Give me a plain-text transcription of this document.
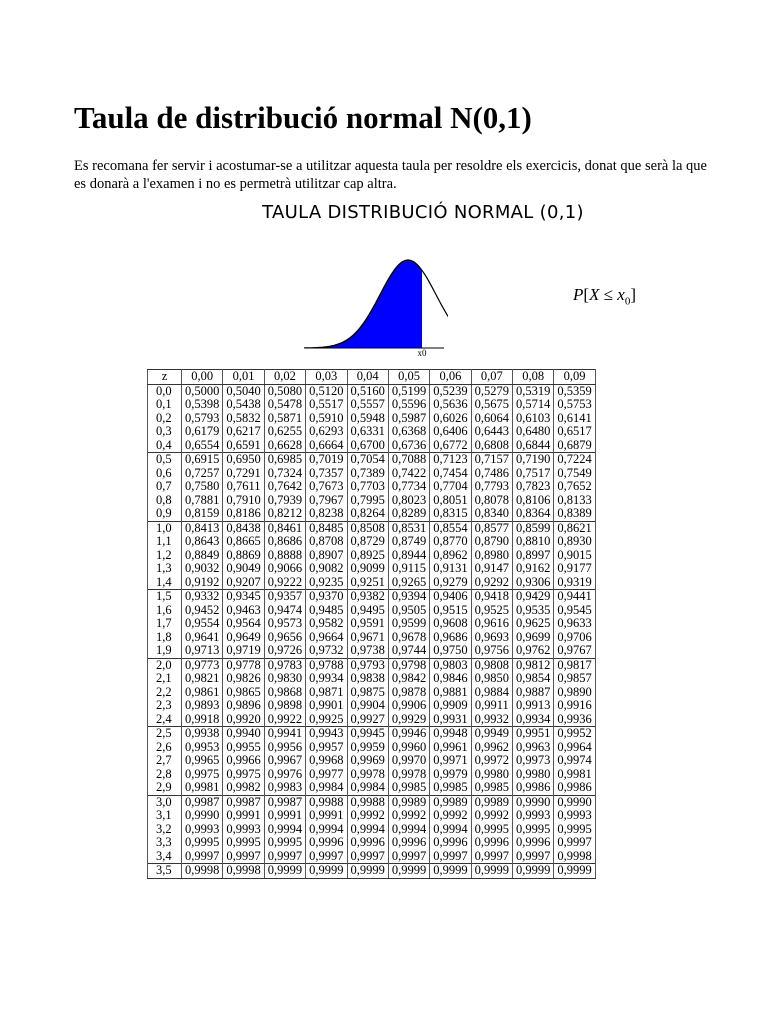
Taula de distribució normal N(0,1)

Es recomana fer servir i acostumar-se a utilitzar aquesta taula per resoldre els exercicis, donat que serà la que es donarà a l'examen i no es permetrà utilitzar cap altra.

TAULA DISTRIBUCIÓ NORMAL (0,1)
x0
$P[X \le x_0]$
z	0,00	0,01	0,02	0,03	0,04	0,05	0,06	0,07	0,08	0,09
0,0	0,5000	0,5040	0,5080	0,5120	0,5160	0,5199	0,5239	0,5279	0,5319	0,5359
0,1	0,5398	0,5438	0,5478	0,5517	0,5557	0,5596	0,5636	0,5675	0,5714	0,5753
0,2	0,5793	0,5832	0,5871	0,5910	0,5948	0,5987	0,6026	0,6064	0,6103	0,6141
0,3	0,6179	0,6217	0,6255	0,6293	0,6331	0,6368	0,6406	0,6443	0,6480	0,6517
0,4	0,6554	0,6591	0,6628	0,6664	0,6700	0,6736	0,6772	0,6808	0,6844	0,6879
0,5	0,6915	0,6950	0,6985	0,7019	0,7054	0,7088	0,7123	0,7157	0,7190	0,7224
0,6	0,7257	0,7291	0,7324	0,7357	0,7389	0,7422	0,7454	0,7486	0,7517	0,7549
0,7	0,7580	0,7611	0,7642	0,7673	0,7703	0,7734	0,7704	0,7793	0,7823	0,7652
0,8	0,7881	0,7910	0,7939	0,7967	0,7995	0,8023	0,8051	0,8078	0,8106	0,8133
0,9	0,8159	0,8186	0,8212	0,8238	0,8264	0,8289	0,8315	0,8340	0,8364	0,8389
1,0	0,8413	0,8438	0,8461	0,8485	0,8508	0,8531	0,8554	0,8577	0,8599	0,8621
1,1	0,8643	0,8665	0,8686	0,8708	0,8729	0,8749	0,8770	0,8790	0,8810	0,8930
1,2	0,8849	0,8869	0,8888	0,8907	0,8925	0,8944	0,8962	0,8980	0,8997	0,9015
1,3	0,9032	0,9049	0,9066	0,9082	0,9099	0,9115	0,9131	0,9147	0,9162	0,9177
1,4	0,9192	0,9207	0,9222	0,9235	0,9251	0,9265	0,9279	0,9292	0,9306	0,9319
1,5	0,9332	0,9345	0,9357	0,9370	0,9382	0,9394	0,9406	0,9418	0,9429	0,9441
1,6	0,9452	0,9463	0,9474	0,9485	0,9495	0,9505	0,9515	0,9525	0,9535	0,9545
1,7	0,9554	0,9564	0,9573	0,9582	0,9591	0,9599	0,9608	0,9616	0,9625	0,9633
1,8	0,9641	0,9649	0,9656	0,9664	0,9671	0,9678	0,9686	0,9693	0,9699	0,9706
1,9	0,9713	0,9719	0,9726	0,9732	0,9738	0,9744	0,9750	0,9756	0,9762	0,9767
2,0	0,9773	0,9778	0,9783	0,9788	0,9793	0,9798	0,9803	0,9808	0,9812	0,9817
2,1	0,9821	0,9826	0,9830	0,9934	0,9838	0,9842	0,9846	0,9850	0,9854	0,9857
2,2	0,9861	0,9865	0,9868	0,9871	0,9875	0,9878	0,9881	0,9884	0,9887	0,9890
2,3	0,9893	0,9896	0,9898	0,9901	0,9904	0,9906	0,9909	0,9911	0,9913	0,9916
2,4	0,9918	0,9920	0,9922	0,9925	0,9927	0,9929	0,9931	0,9932	0,9934	0,9936
2,5	0,9938	0,9940	0,9941	0,9943	0,9945	0,9946	0,9948	0,9949	0,9951	0,9952
2,6	0,9953	0,9955	0,9956	0,9957	0,9959	0,9960	0,9961	0,9962	0,9963	0,9964
2,7	0,9965	0,9966	0,9967	0,9968	0,9969	0,9970	0,9971	0,9972	0,9973	0,9974
2,8	0,9975	0,9975	0,9976	0,9977	0,9978	0,9978	0,9979	0,9980	0,9980	0,9981
2,9	0,9981	0,9982	0,9983	0,9984	0,9984	0,9985	0,9985	0,9985	0,9986	0,9986
3,0	0,9987	0,9987	0,9987	0,9988	0,9988	0,9989	0,9989	0,9989	0,9990	0,9990
3,1	0,9990	0,9991	0,9991	0,9991	0,9992	0,9992	0,9992	0,9992	0,9993	0,9993
3,2	0,9993	0,9993	0,9994	0,9994	0,9994	0,9994	0,9994	0,9995	0,9995	0,9995
3,3	0,9995	0,9995	0,9995	0,9996	0,9996	0,9996	0,9996	0,9996	0,9996	0,9997
3,4	0,9997	0,9997	0,9997	0,9997	0,9997	0,9997	0,9997	0,9997	0,9997	0,9998
3,5	0,9998	0,9998	0,9999	0,9999	0,9999	0,9999	0,9999	0,9999	0,9999	0,9999
